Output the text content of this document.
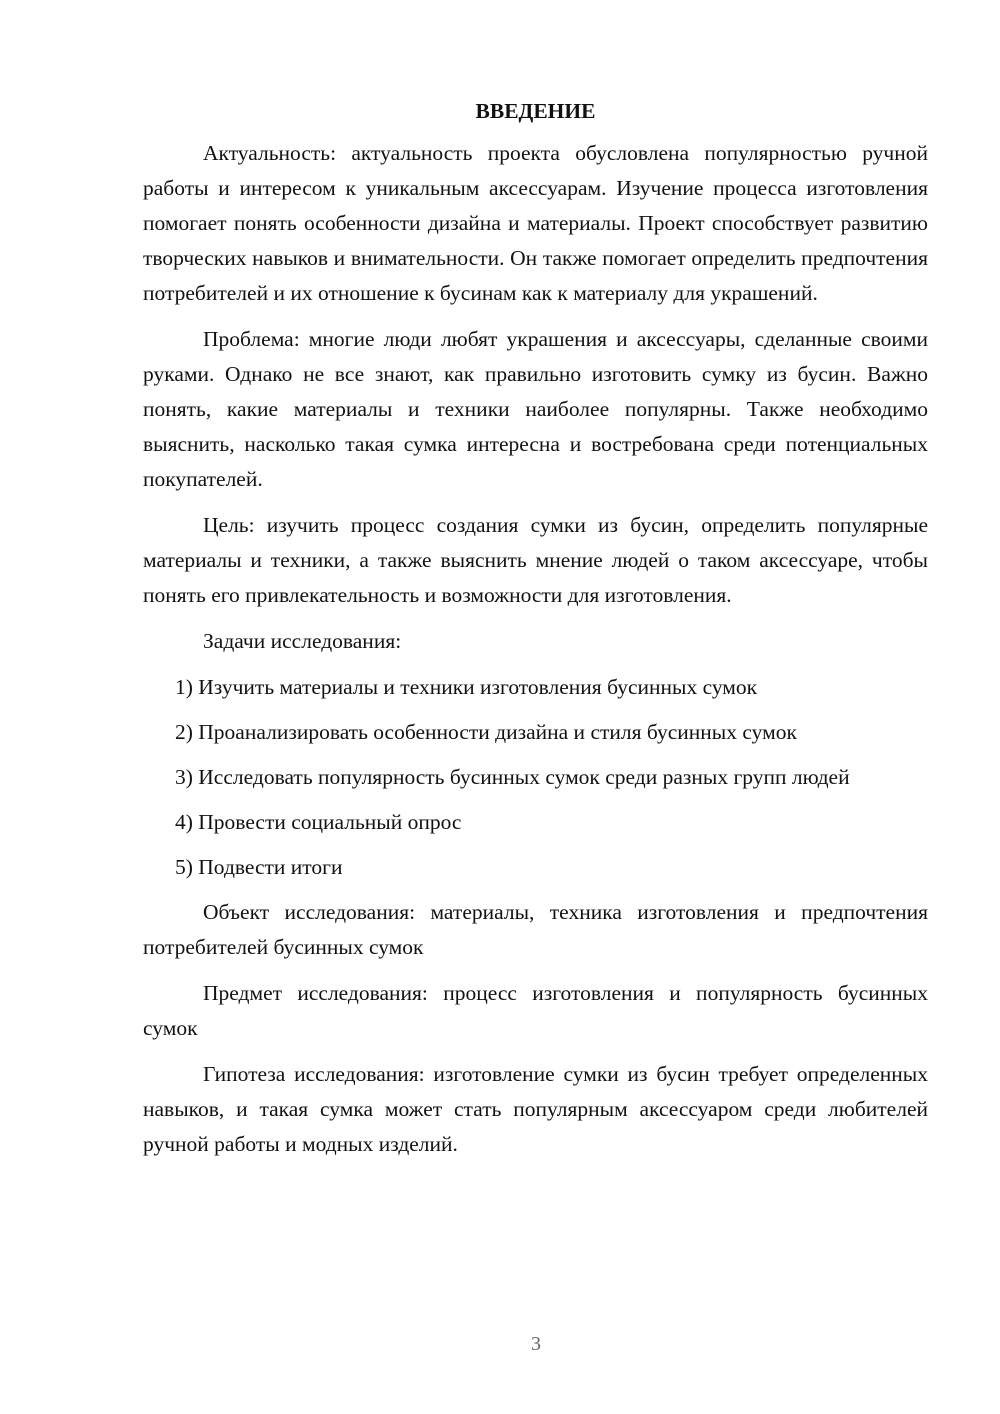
ВВЕДЕНИЕ

Актуальность: актуальность проекта обусловлена популярностью ручной работы и интересом к уникальным аксессуарам. Изучение процесса изготовления помогает понять особенности дизайна и материалы. Проект способствует развитию творческих навыков и внимательности. Он также помогает определить предпочтения потребителей и их отношение к бусинам как к материалу для украшений.

Проблема: многие люди любят украшения и аксессуары, сделанные своими руками. Однако не все знают, как правильно изготовить сумку из бусин. Важно понять, какие материалы и техники наиболее популярны. Также необходимо выяснить, насколько такая сумка интересна и востребована среди потенциальных покупателей.

Цель: изучить процесс создания сумки из бусин, определить популярные материалы и техники, а также выяснить мнение людей о таком аксессуаре, чтобы понять его привлекательность и возможности для изготовления.

Задачи исследования:

1) Изучить материалы и техники изготовления бусинных сумок

2) Проанализировать особенности дизайна и стиля бусинных сумок

3) Исследовать популярность бусинных сумок среди разных групп людей

4) Провести социальный опрос

5) Подвести итоги

Объект исследования: материалы, техника изготовления и предпочтения потребителей бусинных сумок

Предмет исследования: процесс изготовления и популярность бусинных сумок

Гипотеза исследования: изготовление сумки из бусин требует определенных навыков, и такая сумка может стать популярным аксессуаром среди любителей ручной работы и модных изделий.

3
